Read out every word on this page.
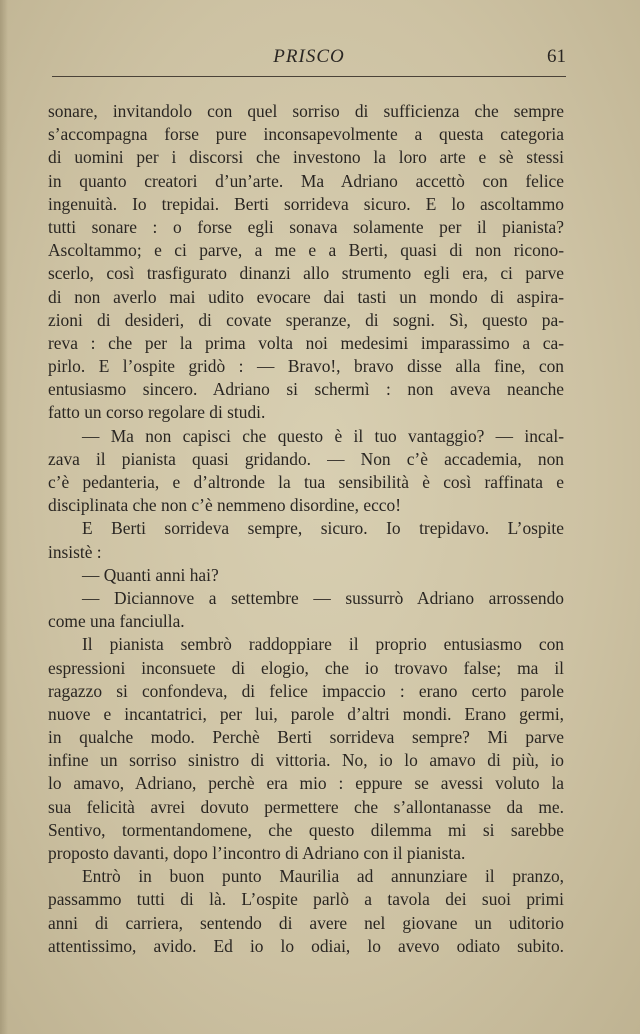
PRISCO	61
sonare, invitandolo con quel sorriso di sufficienza che sempre
s’accompagna forse pure inconsapevolmente a questa categoria
di uomini per i discorsi che investono la loro arte e sè stessi
in quanto creatori d’un’arte. Ma Adriano accettò con felice
ingenuità. Io trepidai. Berti sorrideva sicuro. E lo ascoltammo
tutti sonare : o forse egli sonava solamente per il pianista?
Ascoltammo; e ci parve, a me e a Berti, quasi di non ricono-
scerlo, così trasfigurato dinanzi allo strumento egli era, ci parve
di non averlo mai udito evocare dai tasti un mondo di aspira-
zioni di desideri, di covate speranze, di sogni. Sì, questo pa-
reva : che per la prima volta noi medesimi imparassimo a ca-
pirlo. E l’ospite gridò : — Bravo!, bravo disse alla fine, con
entusiasmo sincero. Adriano si schermì : non aveva neanche
fatto un corso regolare di studi.
— Ma non capisci che questo è il tuo vantaggio? — incal-
zava il pianista quasi gridando. — Non c’è accademia, non
c’è pedanteria, e d’altronde la tua sensibilità è così raffinata e
disciplinata che non c’è nemmeno disordine, ecco!
E Berti sorrideva sempre, sicuro. Io trepidavo. L’ospite
insistè :
— Quanti anni hai?
— Diciannove a settembre — sussurrò Adriano arrossendo
come una fanciulla.
Il pianista sembrò raddoppiare il proprio entusiasmo con
espressioni inconsuete di elogio, che io trovavo false; ma il
ragazzo si confondeva, di felice impaccio : erano certo parole
nuove e incantatrici, per lui, parole d’altri mondi. Erano germi,
in qualche modo. Perchè Berti sorrideva sempre? Mi parve
infine un sorriso sinistro di vittoria. No, io lo amavo di più, io
lo amavo, Adriano, perchè era mio : eppure se avessi voluto la
sua felicità avrei dovuto permettere che s’allontanasse da me.
Sentivo, tormentandomene, che questo dilemma mi si sarebbe
proposto davanti, dopo l’incontro di Adriano con il pianista.
Entrò in buon punto Maurilia ad annunziare il pranzo,
passammo tutti di là. L’ospite parlò a tavola dei suoi primi
anni di carriera, sentendo di avere nel giovane un uditorio
attentissimo, avido. Ed io lo odiai, lo avevo odiato subito.
